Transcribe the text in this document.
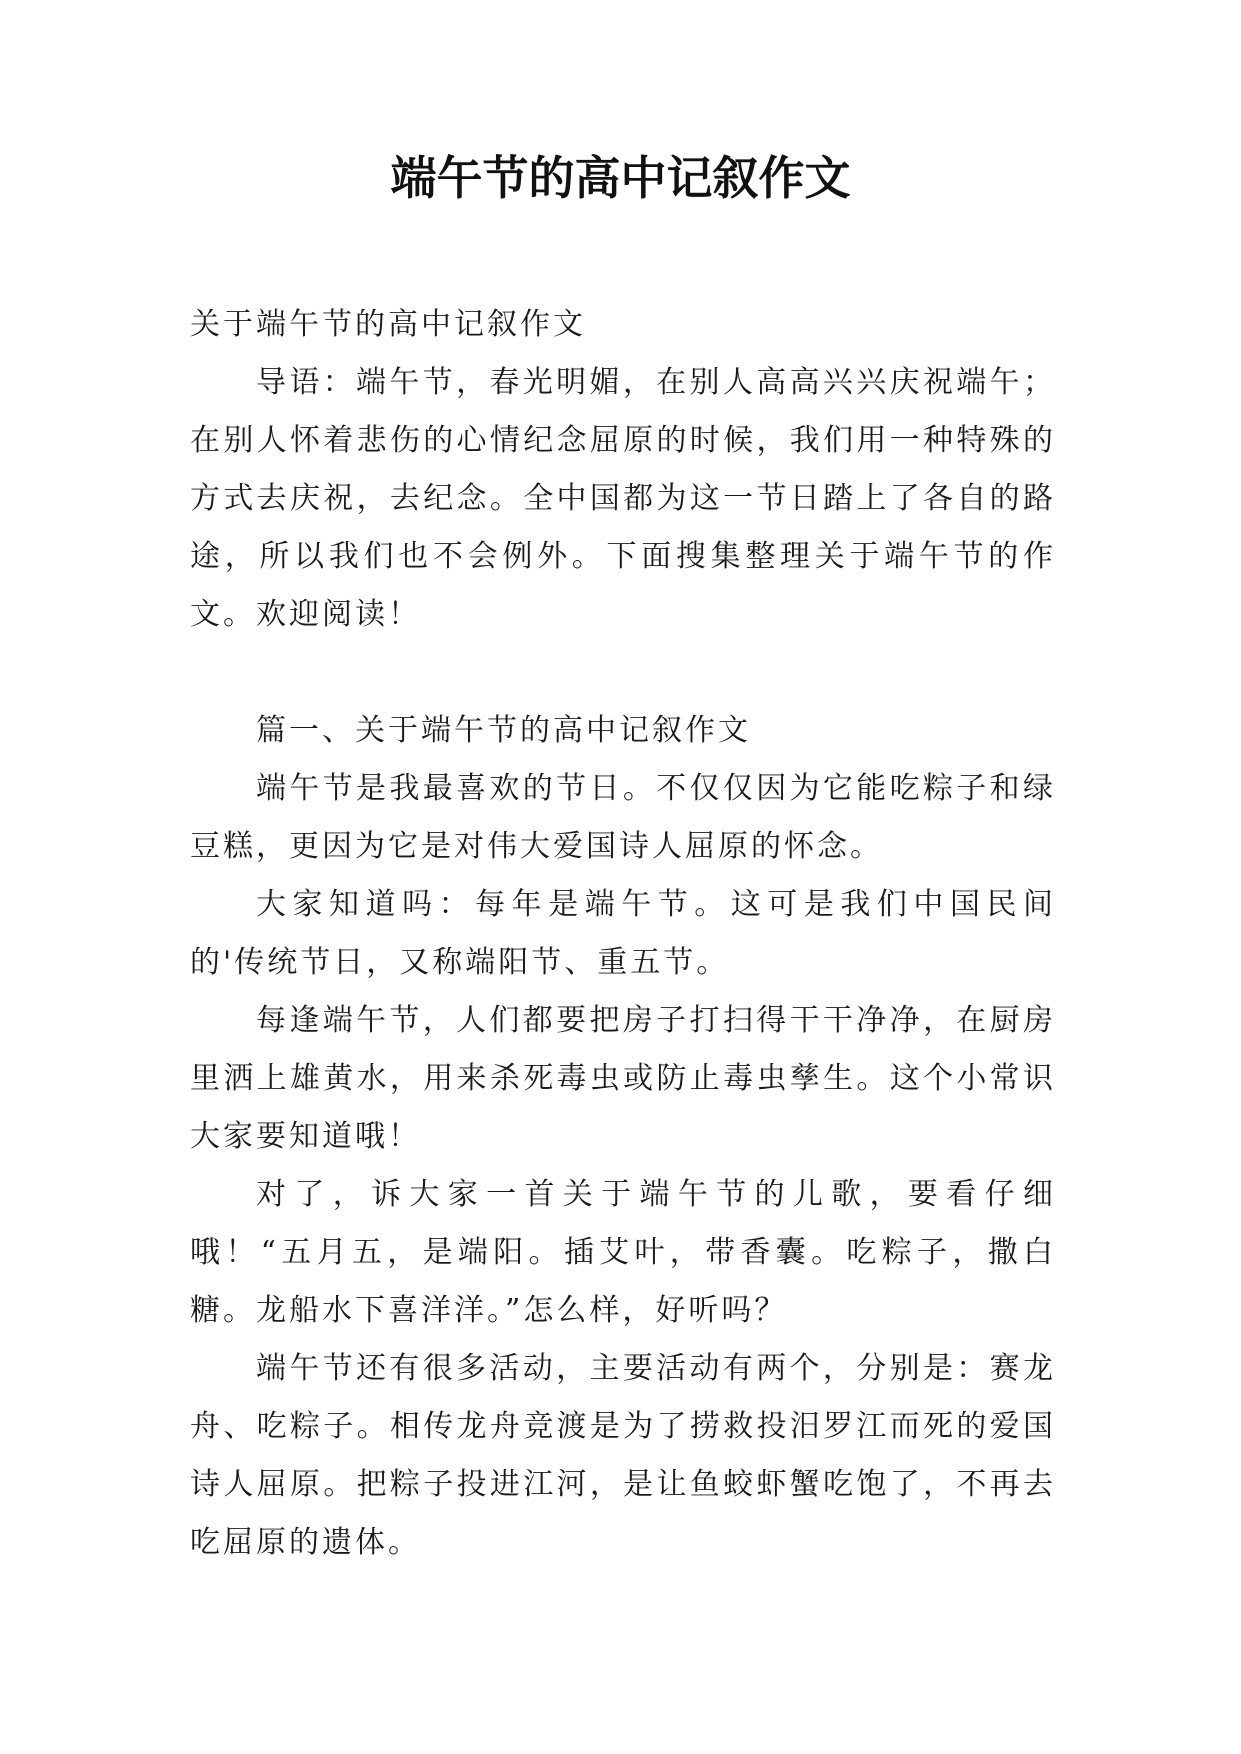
端午节的高中记叙作文

关于端午节的高中记叙作文

导语：端午节，春光明媚，在别人高高兴兴庆祝端午；在别人怀着悲伤的心情纪念屈原的时候，我们用一种特殊的方式去庆祝，去纪念。全中国都为这一节日踏上了各自的路途，所以我们也不会例外。下面搜集整理关于端午节的作文。欢迎阅读！

篇一、关于端午节的高中记叙作文

端午节是我最喜欢的节日。不仅仅因为它能吃粽子和绿豆糕，更因为它是对伟大爱国诗人屈原的怀念。

大家知道吗：每年是端午节。这可是我们中国民间的'传统节日，又称端阳节、重五节。

每逢端午节，人们都要把房子打扫得干干净净，在厨房里洒上雄黄水，用来杀死毒虫或防止毒虫孳生。这个小常识大家要知道哦！

对了，诉大家一首关于端午节的儿歌，要看仔细哦！“五月五，是端阳。插艾叶，带香囊。吃粽子，撒白糖。龙船水下喜洋洋。”怎么样，好听吗？

端午节还有很多活动，主要活动有两个，分别是：赛龙舟、吃粽子。相传龙舟竞渡是为了捞救投汨罗江而死的爱国诗人屈原。把粽子投进江河，是让鱼蛟虾蟹吃饱了，不再去吃屈原的遗体。
